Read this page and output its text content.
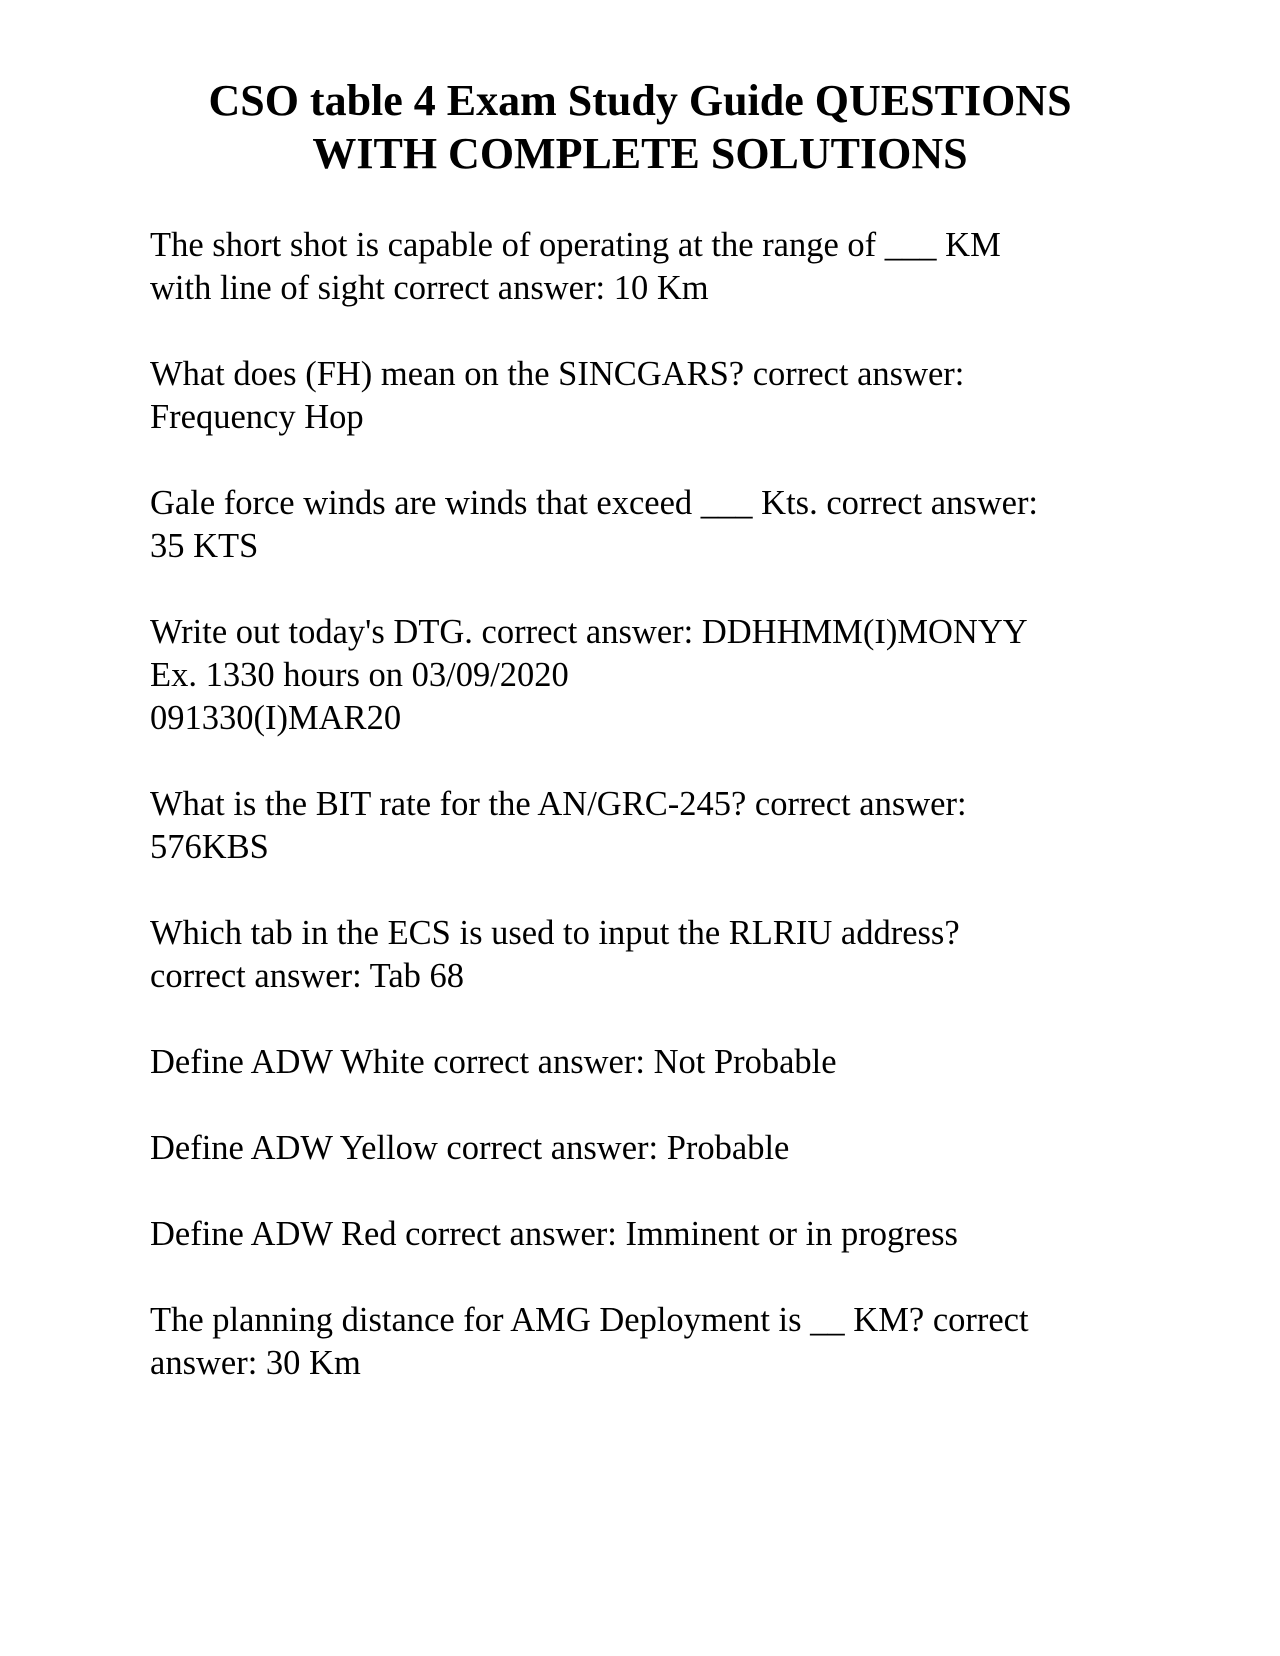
CSO table 4 Exam Study Guide QUESTIONS
WITH COMPLETE SOLUTIONS

The short shot is capable of operating at the range of ___ KM
with line of sight correct answer: 10 Km

What does (FH) mean on the SINCGARS? correct answer:
Frequency Hop

Gale force winds are winds that exceed ___ Kts. correct answer:
35 KTS

Write out today's DTG. correct answer: DDHHMM(I)MONYY
Ex. 1330 hours on 03/09/2020
091330(I)MAR20

What is the BIT rate for the AN/GRC-245? correct answer:
576KBS

Which tab in the ECS is used to input the RLRIU address?
correct answer: Tab 68

Define ADW White correct answer: Not Probable

Define ADW Yellow correct answer: Probable

Define ADW Red correct answer: Imminent or in progress

The planning distance for AMG Deployment is __ KM? correct
answer: 30 Km
